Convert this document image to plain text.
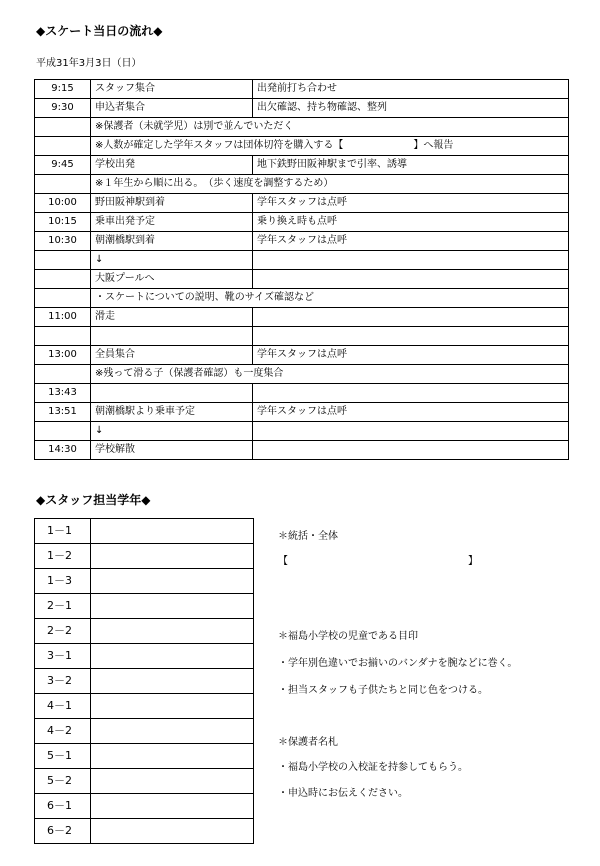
◆スケート当日の流れ◆
平成31年3月3日（日）
9:15	スタッフ集合	出発前打ち合わせ
9:30	申込者集合	出欠確認、持ち物確認、整列
	※保護者（未就学児）は別で並んでいただく	
	※人数が確定した学年スタッフは団体切符を購入する【　　　　　　　】へ報告	
9:45	学校出発	地下鉄野田阪神駅まで引率、誘導
	※１年生から順に出る。　（歩く速度を調整するため）	
10:00	野田阪神駅到着	学年スタッフは点呼
10:15	乗車出発予定	乗り換え時も点呼
10:30	朝潮橋駅到着	学年スタッフは点呼
	↓	
	大阪プールへ	
	・スケートについての説明、靴のサイズ確認など	
11:00	滑走	

13:00	全員集合	学年スタッフは点呼
	※残って滑る子（保護者確認）も一度集合	
13:43		
13:51	朝潮橋駅より乗車予定	学年スタッフは点呼
	↓	
14:30	学校解散	
◆スタッフ担当学年◆
1－1	
1－2	
1－3	
2－1	
2－2	
3－1	
3－2	
4－1	
4－2	
5－1	
5－2	
6－1	
6－2	
＊統括・全体
【　　　　　　　　　　　　　　　　　　】
＊福島小学校の児童である目印
・学年別色違いでお揃いのバンダナを腕などに巻く。
・担当スタッフも子供たちと同じ色をつける。
＊保護者名札
・福島小学校の入校証を持参してもらう。
・申込時にお伝えください。
